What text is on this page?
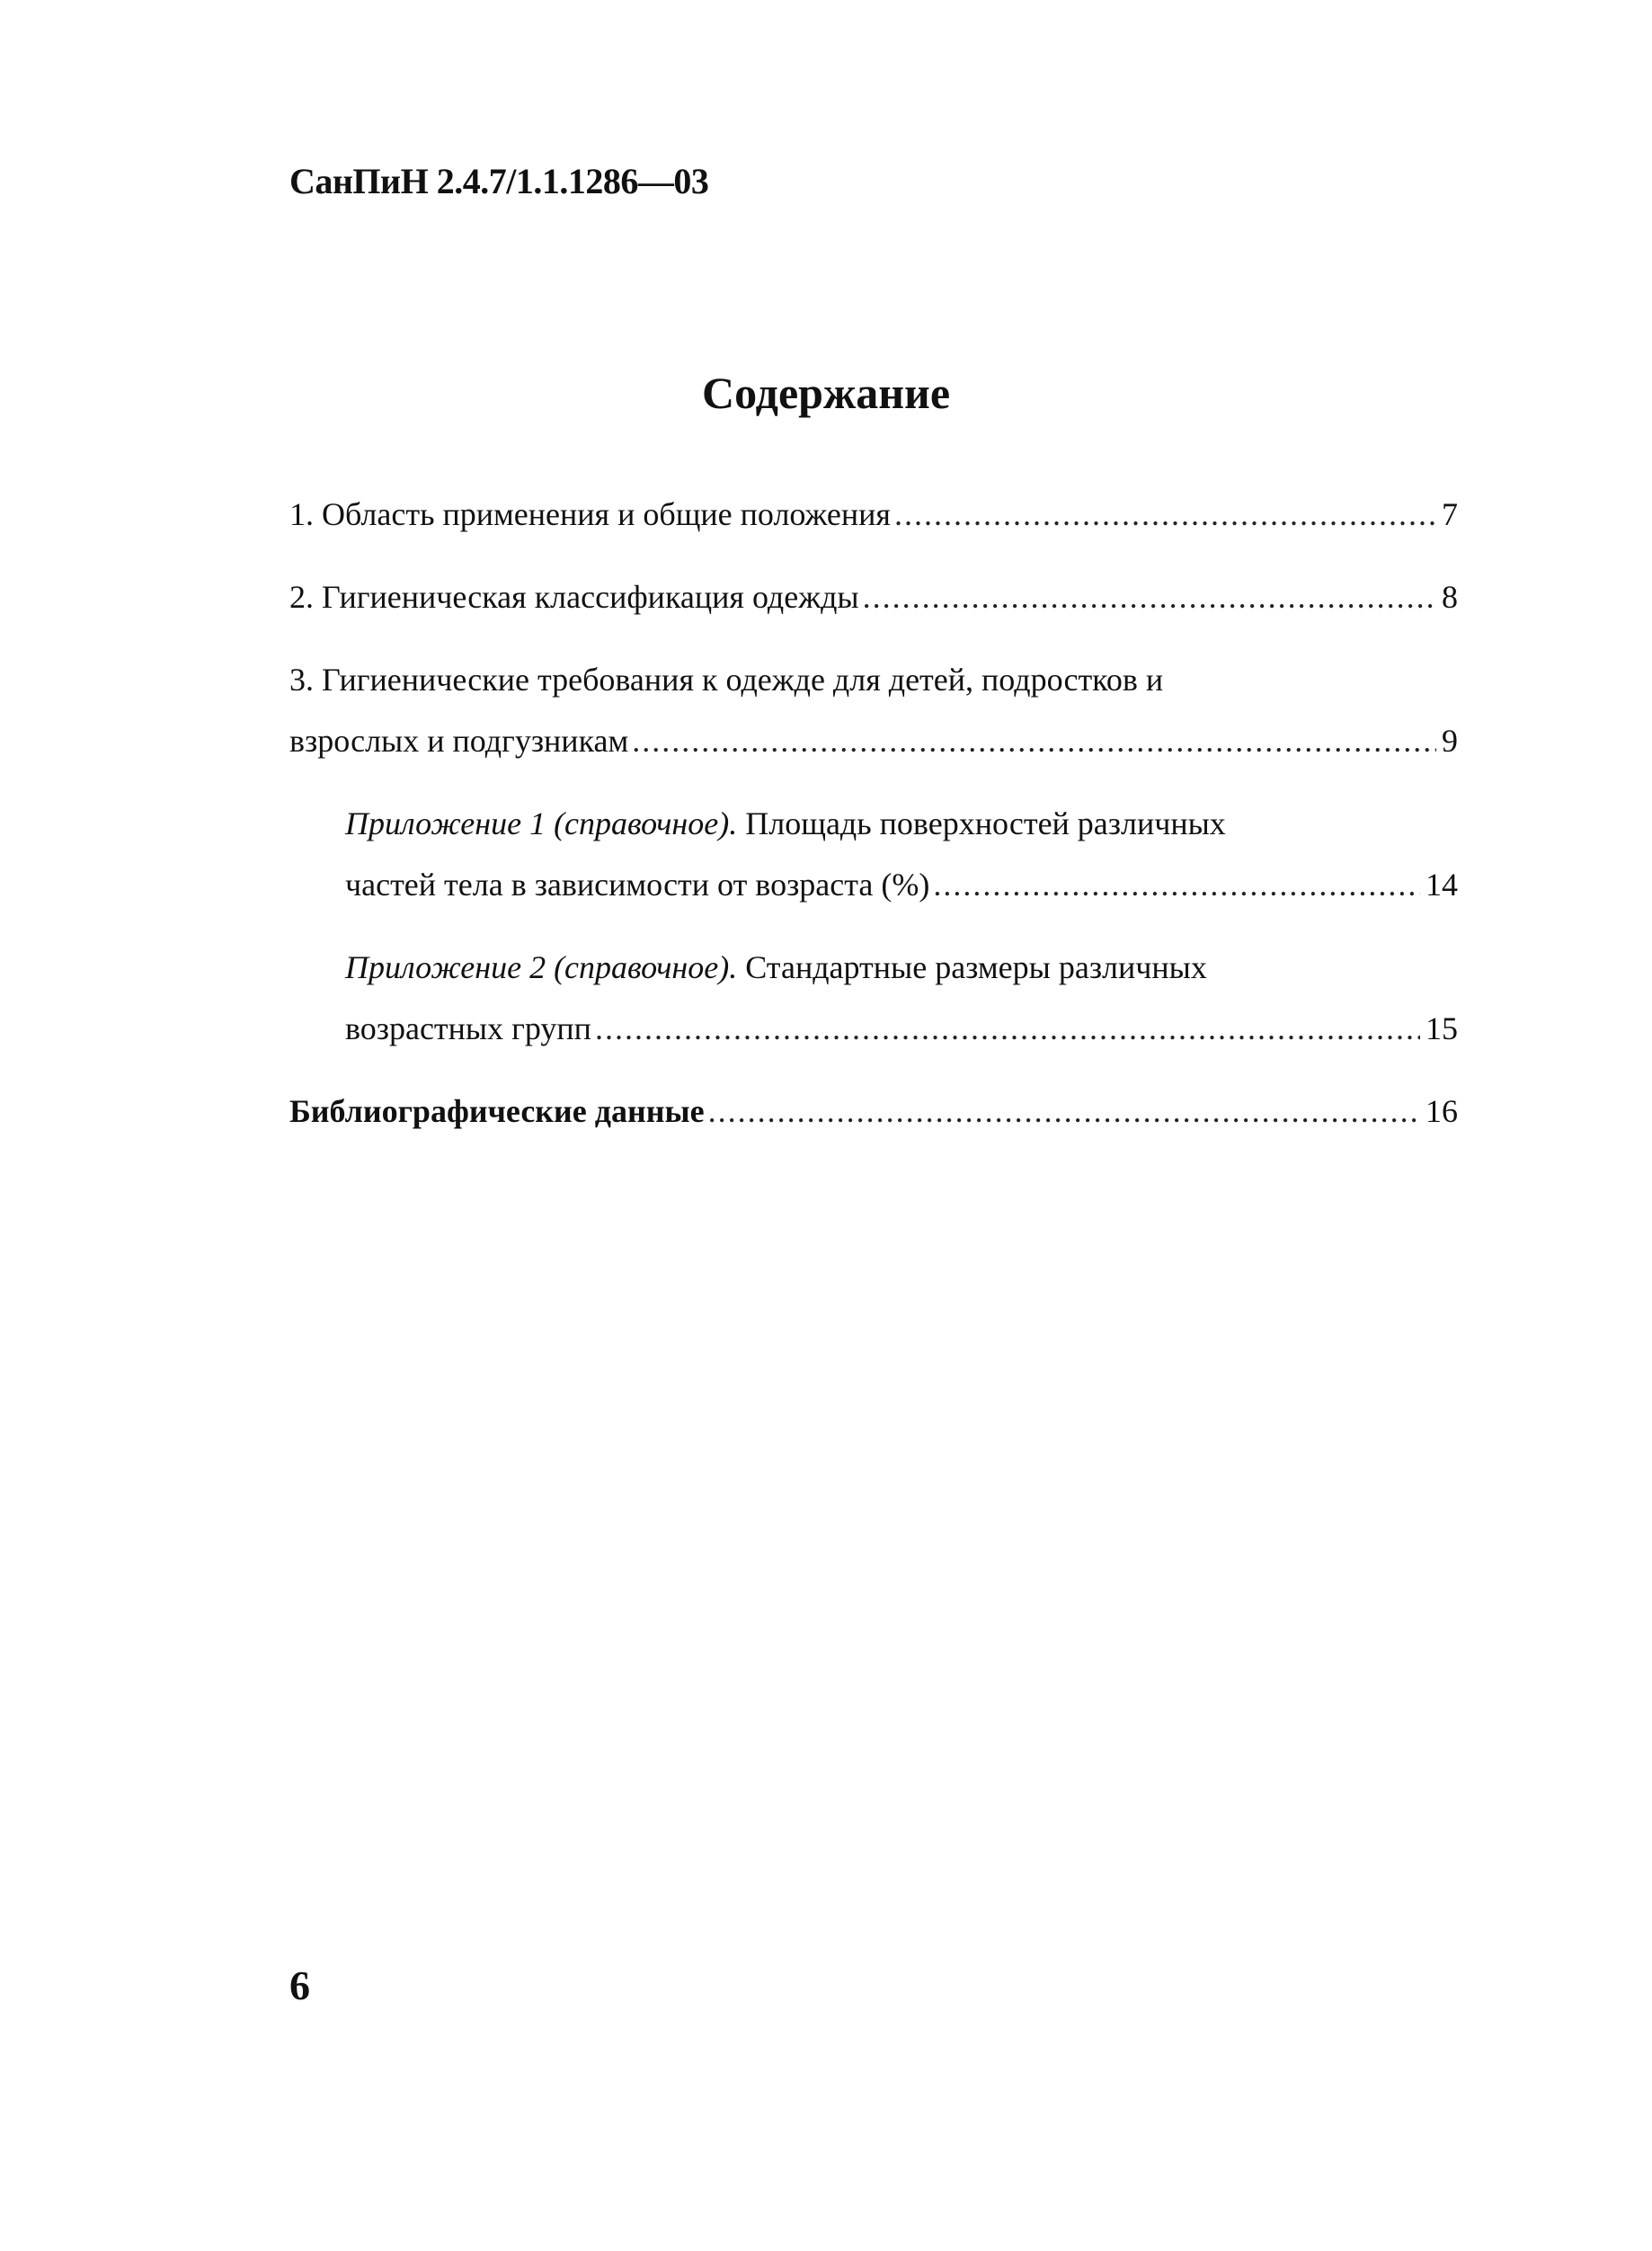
СанПиН 2.4.7/1.1.1286—03
Содержание
1. Область применения и общие положения .....	7
2. Гигиеническая классификация одежды .....	8
3. Гигиенические требования к одежде для детей, подростков и
взрослых и подгузникам .....	9
Приложение 1 (справочное). Площадь поверхностей различных
частей тела в зависимости от возраста (%) .....	14
Приложение 2 (справочное). Стандартные размеры различных
возрастных групп .....	15
Библиографические данные .....	16
6
